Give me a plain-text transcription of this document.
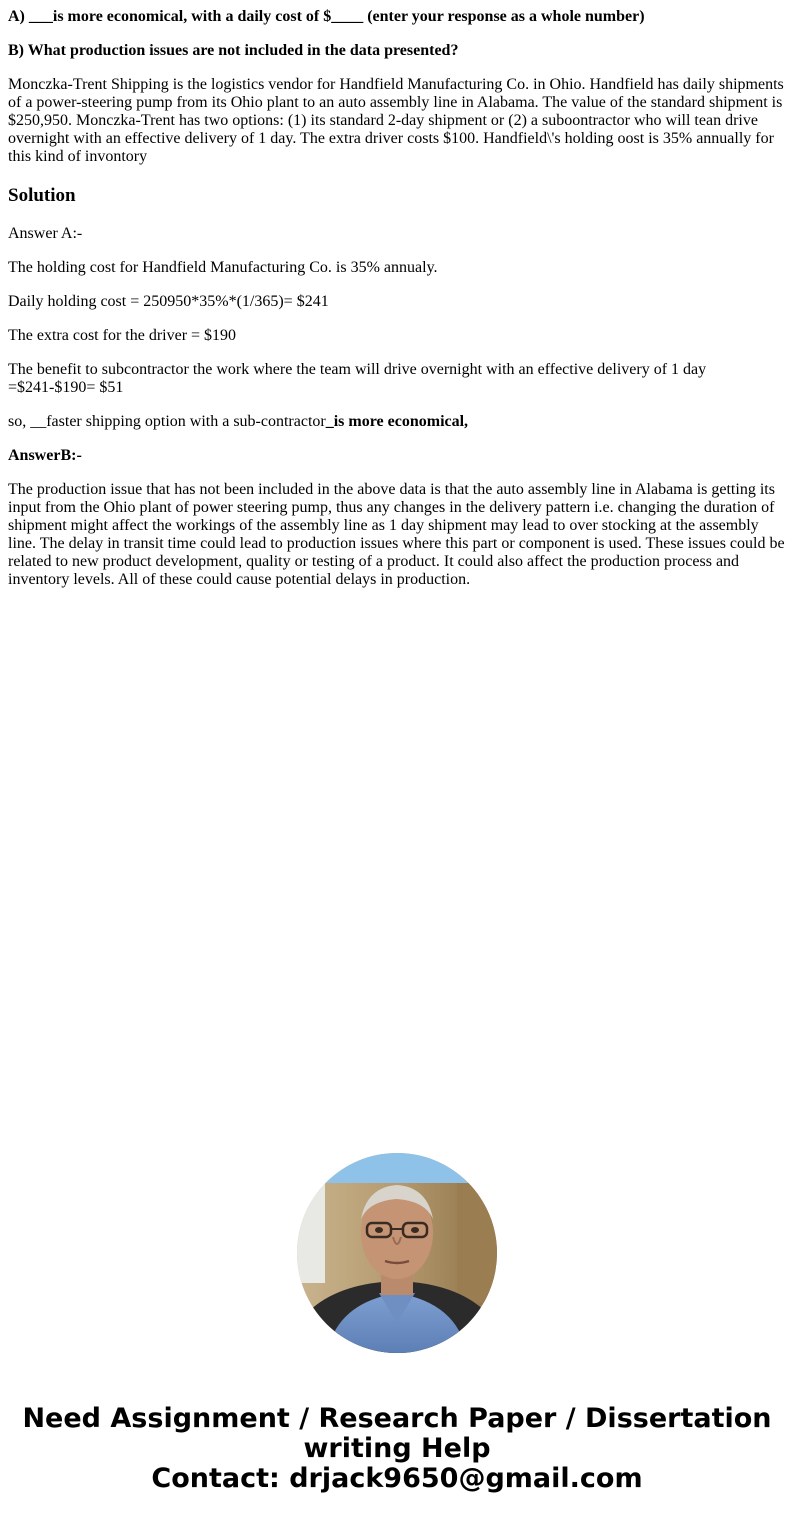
A) ___is more economical, with a daily cost of $____ (enter your response as a whole number)

B) What production issues are not included in the data presented?

Monczka-Trent Shipping is the logistics vendor for Handfield Manufacturing Co. in Ohio. Handfield has daily shipments of a power-steering pump from its Ohio plant to an auto assembly line in Alabama. The value of the standard shipment is $250,950. Monczka-Trent has two options: (1) its standard 2-day shipment or (2) a suboontractor who will tean drive overnight with an effective delivery of 1 day. The extra driver costs $100. Handfield\'s holding oost is 35% annually for this kind of invontory

Solution

Answer A:-

The holding cost for Handfield Manufacturing Co. is 35% annualy.

Daily holding cost = 250950*35%*(1/365)= $241

The extra cost for the driver = $190

The benefit to subcontractor the work where the team will drive overnight with an effective delivery of 1 day =$241-$190= $51

so, __faster shipping option with a sub-contractor_is more economical,

AnswerB:-

The production issue that has not been included in the above data is that the auto assembly line in Alabama is getting its input from the Ohio plant of power steering pump, thus any changes in the delivery pattern i.e. changing the duration of shipment might affect the workings of the assembly line as 1 day shipment may lead to over stocking at the assembly line. The delay in transit time could lead to production issues where this part or component is used. These issues could be related to new product development, quality or testing of a product. It could also affect the production process and inventory levels. All of these could cause potential delays in production.

Need Assignment / Research Paper / Dissertation
writing Help
Contact: drjack9650@gmail.com
